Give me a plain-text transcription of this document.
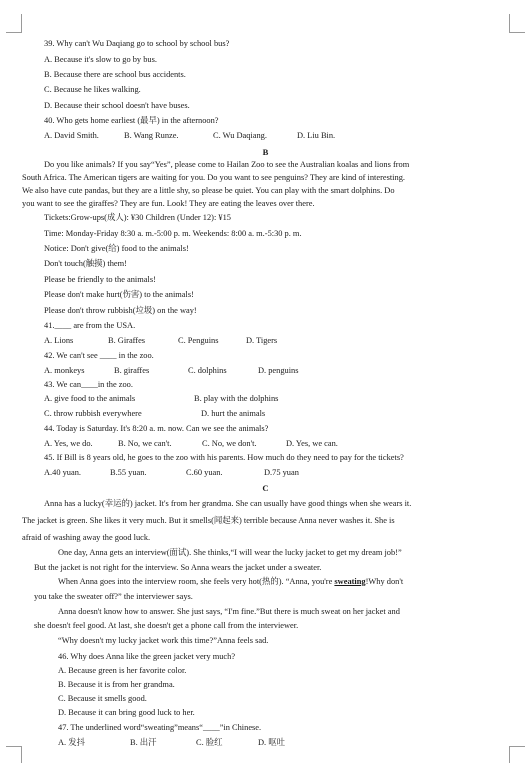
39. Why can't Wu Daqiang go to school by school bus?
A. Because it's slow to go by bus.
B. Because there are school bus accidents.
C. Because he likes walking.
D. Because their school doesn't have buses.
40. Who gets home earliest (最早) in the afternoon?
A. David Smith.	B. Wang Runze.	C. Wu Daqiang.	D. Liu Bin.
B
Do you like animals? If you say“Yes”, please come to Hailan Zoo to see the Australian koalas and lions from
South Africa. The American tigers are waiting for you. Do you want to see penguins? They are kind of interesting.
We also have cute pandas, but they are a little shy, so please be quiet. You can play with the smart dolphins. Do
you want to see the giraffes? They are fun. Look! They are eating the leaves over there.
Tickets:Grow-ups(成人): ¥30 Children (Under 12): ¥15
Time: Monday-Friday 8:30 a. m.-5:00 p. m. Weekends: 8:00 a. m.-5:30 p. m.
Notice: Don't give(给) food to the animals!
Don't touch(触摸) them!
Please be friendly to the animals!
Please don't make hurt(伤害) to the animals!
Please don't throw rubbish(垃圾) on the way!
41.____ are from the USA.
A. Lions	B. Giraffes	C. Penguins	D. Tigers
42. We can't see ____ in the zoo.
A. monkeys	B. giraffes	C. dolphins	D. penguins
43. We can____in the zoo.
A. give food to the animals	B. play with the dolphins
C. throw rubbish everywhere	D. hurt the animals
44. Today is Saturday. It's 8:20 a. m. now. Can we see the animals?
A. Yes, we do.	B. No, we can't.	C. No, we don't.	D. Yes, we can.
45. If Bill is 8 years old, he goes to the zoo with his parents. How much do they need to pay for the tickets?
A.40 yuan.	B.55 yuan.	C.60 yuan.	D.75 yuan
C
Anna has a lucky(幸运的) jacket. It's from her grandma. She can usually have good things when she wears it.
The jacket is green. She likes it very much. But it smells(闻起来) terrible because Anna never washes it. She is
afraid of washing away the good luck.
One day, Anna gets an interview(面试). She thinks,“I will wear the lucky jacket to get my dream job!”
But the jacket is not right for the interview. So Anna wears the jacket under a sweater.
When Anna goes into the interview room, she feels very hot(热的). “Anna, you're sweating!Why don't
you take the sweater off?” the interviewer says.
Anna doesn't know how to answer. She just says, “I'm fine.”But there is much sweat on her jacket and
she doesn't feel good. At last, she doesn't get a phone call from the interviewer.
“Why doesn't my lucky jacket work this time?”Anna feels sad.
46. Why does Anna like the green jacket very much?
A. Because green is her favorite color.
B. Because it is from her grandma.
C. Because it smells good.
D. Because it can bring good luck to her.
47. The underlined word“sweating”means“____”in Chinese.
A. 发抖	B. 出汗	C. 脸红	D. 呕吐
